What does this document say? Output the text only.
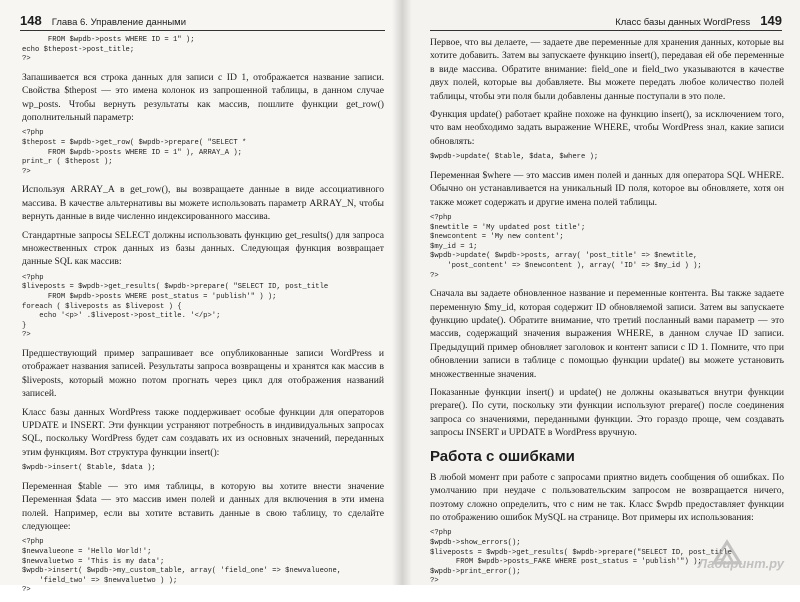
148 Глава 6. Управление данными
FROM $wpdb->posts WHERE ID = 1" );
echo $thepost->post_title;
?>

Запашивается вся строка данных для записи с ID 1, отображается название записи. Свойства $thepost — это имена колонок из запрошенной таблицы, в данном случае wp_posts. Чтобы вернуть результаты как массив, пошлите функции get_row() дополнительный параметр:

<?php
$thepost = $wpdb->get_row( $wpdb->prepare( "SELECT *
FROM $wpdb->posts WHERE ID = 1" ), ARRAY_A );
print_r ( $thepost );
?>

Используя ARRAY_A в get_row(), вы возвращаете данные в виде ассоциативного массива. В качестве альтернативы вы можете использовать параметр ARRAY_N, чтобы вернуть данные в виде численно индексированного массива.

Стандартные запросы SELECT должны использовать функцию get_results() для запроса множественных строк данных из базы данных. Следующая функция возвращает данные SQL как массив:

<?php
$liveposts = $wpdb->get_results( $wpdb->prepare( "SELECT ID, post_title
FROM $wpdb->posts WHERE post_status = 'publish'" ) );
foreach ( $liveposts as $livepost ) {
echo '<p>' .$livepost->post_title. '</p>';
}
?>

Предшествующий пример запрашивает все опубликованные записи WordPress и отображает названия записей. Результаты запроса возвращены и хранятся как массив в $liveposts, который можно потом прогнать через цикл для отображения названий записей.

Класс базы данных WordPress также поддерживает особые функции для операторов UPDATE и INSERT. Эти функции устраняют потребность в индивидуальных запросах SQL, поскольку WordPress будет сам создавать их из основных значений, переданных этим функциям. Вот структура функции insert():

$wpdb->insert( $table, $data );

Переменная $table — это имя таблицы, в которую вы хотите внести значение Переменная $data — это массив имен полей и данных для включения в эти имена полей. Например, если вы хотите вставить данные в свою таблицу, то сделайте следующее:

<?php
$newvalueone = 'Hello World!';
$newvaluetwo = 'This is my data';
$wpdb->insert( $wpdb->my_custom_table, array( 'field_one' => $newvalueone,
'field_two' => $newvaluetwo ) );
?>
Класс базы данных WordPress 149

Первое, что вы делаете, — задаете две переменные для хранения данных, которые вы хотите добавить. Затем вы запускаете функцию insert(), передавая ей обе переменные в виде массива. Обратите внимание: field_one и field_two указываются в качестве двух полей, которые вы добавляете. Вы можете передать любое количество полей таблицы, чтобы эти поля были добавлены данные поступали в это поле.

Функция update() работает крайне похоже на функцию insert(), за исключением того, что вам необходимо задать выражение WHERE, чтобы WordPress знал, какие записи обновлять:

$wpdb->update( $table, $data, $where );

Переменная $where — это массив имен полей и данных для оператора SQL WHERE. Обычно он устанавливается на уникальный ID поля, которое вы обновляете, хотя он также может содержать и другие имена полей таблицы.

<?php
$newtitle = 'My updated post title';
$newcontent = 'My new content';
$my_id = 1;
$wpdb->update( $wpdb->posts, array( 'post_title' => $newtitle,
'post_content' => $newcontent ), array( 'ID' => $my_id ) );
?>

Сначала вы задаете обновленное название и переменные контента. Вы также задаете переменную $my_id, которая содержит ID обновляемой записи. Затем вы запускаете функцию update(). Обратите внимание, что третий посланный вами параметр — это массив, содержащий значения выражения WHERE, в данном случае ID записи. Предыдущий пример обновляет заголовок и контент записи с ID 1. Помните, что при обновлении записи в таблице с помощью функции update() вы можете установить множественные значения.

Показанные функции insert() и update() не должны оказываться внутри функции prepare(). По сути, поскольку эти функции используют prepare() после соединения запроса со значениями, переданными функции. Это гораздо проще, чем создавать запросы INSERT и UPDATE в WordPress вручную.

Работа с ошибками

В любой момент при работе с запросами приятно видеть сообщения об ошибках. По умолчанию при неудаче с пользовательским запросом не возвращается ничего, поэтому сложно определить, что с ним не так. Класс $wpdb предоставляет функции по отображению ошибок MySQL на странице. Вот примеры их использования:

<?php
$wpdb->show_errors();
$liveposts = $wpdb->get_results( $wpdb->prepare("SELECT ID, post_title
FROM $wpdb->posts_FAKE WHERE post_status = 'publish'") );
$wpdb->print_error();
?>
Лабиринт.ру
